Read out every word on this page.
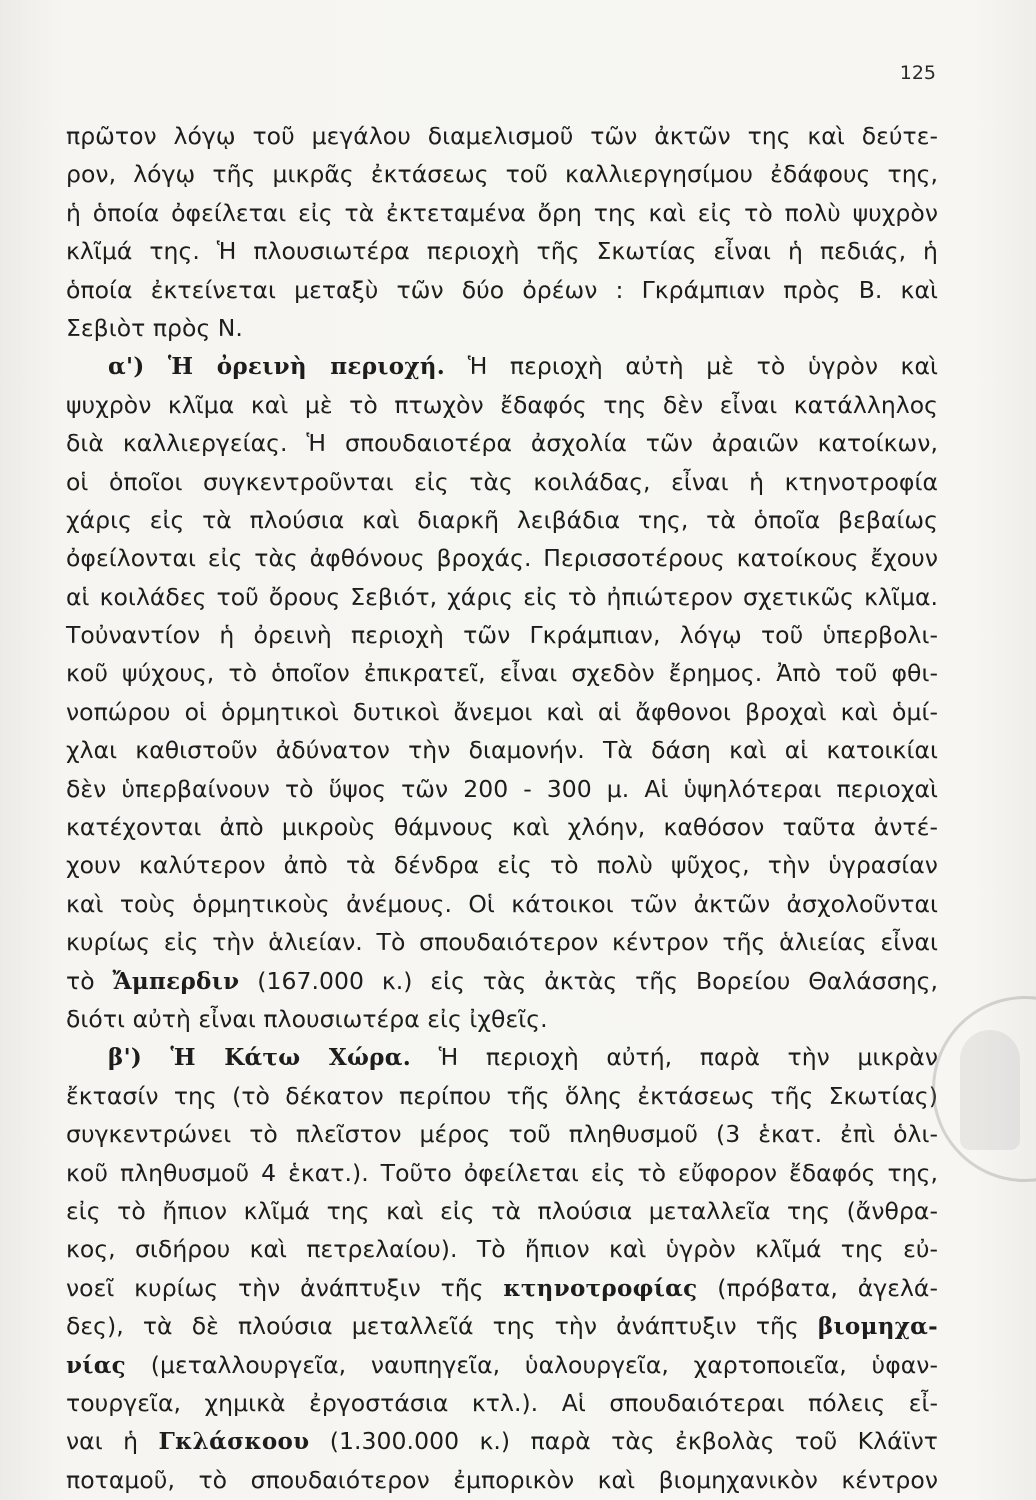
125
πρῶτον λόγῳ τοῦ μεγάλου διαμελισμοῦ τῶν ἀκτῶν της καὶ δεύτε-
ρον, λόγῳ τῆς μικρᾶς ἐκτάσεως τοῦ καλλιεργησίμου ἐδάφους της,
ἡ ὁποία ὀφείλεται εἰς τὰ ἐκτεταμένα ὄρη της καὶ εἰς τὸ πολὺ ψυχρὸν
κλῖμά της. Ἡ πλουσιωτέρα περιοχὴ τῆς Σκωτίας εἶναι ἡ πεδιάς, ἡ
ὁποία ἐκτείνεται μεταξὺ τῶν δύο ὀρέων : Γκράμπιαν πρὸς Β. καὶ
Σεβιὸτ πρὸς Ν.
α') Ἡ ὀρεινὴ περιοχή. Ἡ περιοχὴ αὐτὴ μὲ τὸ ὑγρὸν καὶ
ψυχρὸν κλῖμα καὶ μὲ τὸ πτωχὸν ἔδαφός της δὲν εἶναι κατάλληλος
διὰ καλλιεργείας. Ἡ σπουδαιοτέρα ἀσχολία τῶν ἀραιῶν κατοίκων,
οἱ ὁποῖοι συγκεντροῦνται εἰς τὰς κοιλάδας, εἶναι ἡ κτηνοτροφία
χάρις εἰς τὰ πλούσια καὶ διαρκῆ λειβάδια της, τὰ ὁποῖα βεβαίως
ὀφείλονται εἰς τὰς ἀφθόνους βροχάς. Περισσοτέρους κατοίκους ἔχουν
αἱ κοιλάδες τοῦ ὄρους Σεβιότ, χάρις εἰς τὸ ἠπιώτερον σχετικῶς κλῖμα.
Τοὐναντίον ἡ ὀρεινὴ περιοχὴ τῶν Γκράμπιαν, λόγῳ τοῦ ὑπερβολι-
κοῦ ψύχους, τὸ ὁποῖον ἐπικρατεῖ, εἶναι σχεδὸν ἔρημος. Ἀπὸ τοῦ φθι-
νοπώρου οἱ ὁρμητικοὶ δυτικοὶ ἄνεμοι καὶ αἱ ἄφθονοι βροχαὶ καὶ ὁμί-
χλαι καθιστοῦν ἀδύνατον τὴν διαμονήν. Τὰ δάση καὶ αἱ κατοικίαι
δὲν ὑπερβαίνουν τὸ ὕψος τῶν 200 - 300 μ. Αἱ ὑψηλότεραι περιοχαὶ
κατέχονται ἀπὸ μικροὺς θάμνους καὶ χλόην, καθόσον ταῦτα ἀντέ-
χουν καλύτερον ἀπὸ τὰ δένδρα εἰς τὸ πολὺ ψῦχος, τὴν ὑγρασίαν
καὶ τοὺς ὁρμητικοὺς ἀνέμους. Οἱ κάτοικοι τῶν ἀκτῶν ἀσχολοῦνται
κυρίως εἰς τὴν ἁλιείαν. Τὸ σπουδαιότερον κέντρον τῆς ἁλιείας εἶναι
τὸ Ἄμπερδιν (167.000 κ.) εἰς τὰς ἀκτὰς τῆς Βορείου Θαλάσσης,
διότι αὐτὴ εἶναι πλουσιωτέρα εἰς ἰχθεῖς.
β') Ἡ Κάτω Χώρα. Ἡ περιοχὴ αὐτή, παρὰ τὴν μικρὰν
ἔκτασίν της (τὸ δέκατον περίπου τῆς ὅλης ἐκτάσεως τῆς Σκωτίας)
συγκεντρώνει τὸ πλεῖστον μέρος τοῦ πληθυσμοῦ (3 ἑκατ. ἐπὶ ὁλι-
κοῦ πληθυσμοῦ 4 ἑκατ.). Τοῦτο ὀφείλεται εἰς τὸ εὔφορον ἔδαφός της,
εἰς τὸ ἤπιον κλῖμά της καὶ εἰς τὰ πλούσια μεταλλεῖα της (ἄνθρα-
κος, σιδήρου καὶ πετρελαίου). Τὸ ἤπιον καὶ ὑγρὸν κλῖμά της εὐ-
νοεῖ κυρίως τὴν ἀνάπτυξιν τῆς κτηνοτροφίας (πρόβατα, ἀγελά-
δες), τὰ δὲ πλούσια μεταλλεῖά της τὴν ἀνάπτυξιν τῆς βιομηχα-
νίας (μεταλλουργεῖα, ναυπηγεῖα, ὑαλουργεῖα, χαρτοποιεῖα, ὑφαν-
τουργεῖα, χημικὰ ἐργοστάσια κτλ.). Αἱ σπουδαιότεραι πόλεις εἶ-
ναι ἡ Γκλάσκοου (1.300.000 κ.) παρὰ τὰς ἐκβολὰς τοῦ Κλάϊντ
ποταμοῦ, τὸ σπουδαιότερον ἐμπορικὸν καὶ βιομηχανικὸν κέντρον
